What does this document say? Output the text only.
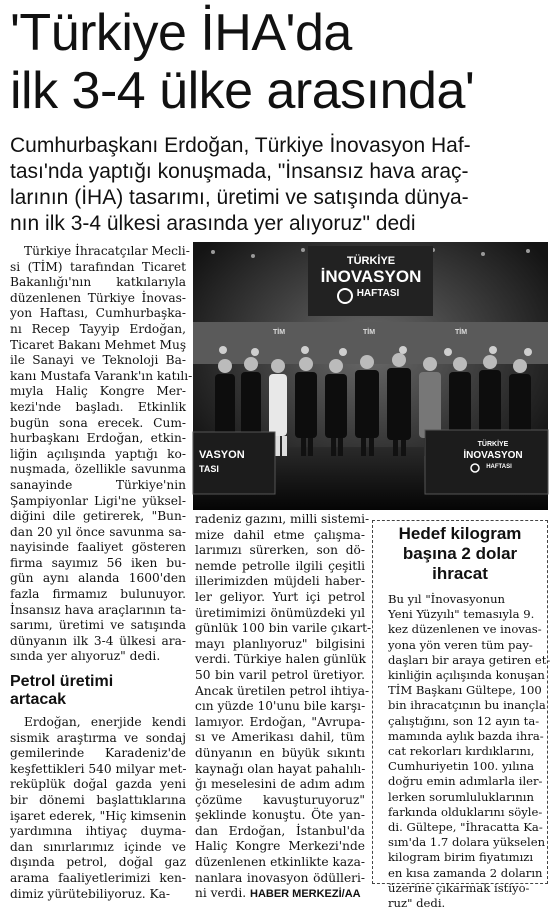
'Türkiye İHA'da
ilk 3-4 ülke arasında'
Cumhurbaşkanı Erdoğan, Türkiye İnovasyon Haf-
tası'nda yaptığı konuşmada, "İnsansız hava araç-
larının (İHA) tasarımı, üretimi ve satışında dünya-
nın ilk 3-4 ülkesi arasında yer alıyoruz" dedi
TÜRKİYE
İNOVASYON
HAFTASI
TİM	TİM	TİM
VASYON
TASI
TÜRKİYE
İNOVASYON
HAFTASI
Türkiye İhracatçılar Mecli-
si (TİM) tarafından Ticaret
Bakanlığı'nın katkılarıyla
düzenlenen Türkiye İnovas-
yon Haftası, Cumhurbaşka-
nı Recep Tayyip Erdoğan,
Ticaret Bakanı Mehmet Muş
ile Sanayi ve Teknoloji Ba-
kanı Mustafa Varank'ın katılı-
mıyla Haliç Kongre Mer-
kezi'nde başladı. Etkinlik
bugün sona erecek. Cum-
hurbaşkanı Erdoğan, etkin-
liğin açılışında yaptığı ko-
nuşmada, özellikle savunma
sanayinde Türkiye'nin
Şampiyonlar Ligi'ne yüksel-
diğini dile getirerek, "Bun-
dan 20 yıl önce savunma sa-
nayisinde faaliyet gösteren
firma sayımız 56 iken bu-
gün aynı alanda 1600'den
fazla firmamız bulunuyor.
İnsansız hava araçlarının ta-
sarımı, üretimi ve satışında
dünyanın ilk 3-4 ülkesi ara-
sında yer alıyoruz" dedi.
Petrol üretimi
artacak
Erdoğan, enerjide kendi
sismik araştırma ve sondaj
gemilerinde Karadeniz'de
keşfettikleri 540 milyar met-
reküplük doğal gazda yeni
bir dönemi başlattıklarına
işaret ederek, "Hiç kimsenin
yardımına ihtiyaç duyma-
dan sınırlarımız içinde ve
dışında petrol, doğal gaz
arama faaliyetlerimizi ken-
dimiz yürütebiliyoruz. Ka-
radeniz gazını, milli sistemi-
mize dahil etme çalışma-
larımızı sürerken, son dö-
nemde petrolle ilgili çeşitli
illerimizden müjdeli haber-
ler geliyor. Yurt içi petrol
üretimimizi önümüzdeki yıl
günlük 100 bin varile çıkart-
mayı planlıyoruz" bilgisini
verdi. Türkiye halen günlük
50 bin varil petrol üretiyor.
Ancak üretilen petrol ihtiya-
cın yüzde 10'unu bile karşı-
lamıyor. Erdoğan, "Avrupa-
sı ve Amerikası dahil, tüm
dünyanın en büyük sıkıntı
kaynağı olan hayat pahalılı-
ğı meselesini de adım adım
çözüme kavuşturuyoruz"
şeklinde konuştu. Öte yan-
dan Erdoğan, İstanbul'da
Haliç Kongre Merkezi'nde
düzenlenen etkinlikte kaza-
nanlara inovasyon ödülleri-
ni verdi. HABER MERKEZİ/AA
Hedef kilogram
başına 2 dolar
ihracat
Bu yıl "İnovasyonun
Yeni Yüzyılı" temasıyla 9.
kez düzenlenen ve inovas-
yona yön veren tüm pay-
daşları bir araya getiren et-
kinliğin açılışında konuşan
TİM Başkanı Gültepe, 100
bin ihracatçının bu inançla
çalıştığını, son 12 ayın ta-
mamında aylık bazda ihra-
cat rekorları kırdıklarını,
Cumhuriyetin 100. yılına
doğru emin adımlarla iler-
lerken sorumluluklarının
farkında olduklarını söyle-
di. Gültepe, "İhracatta Ka-
sım'da 1.7 dolara yükselen
kilogram birim fiyatımızı
en kısa zamanda 2 doların
üzerine çıkarmak istiyo-
ruz" dedi.
